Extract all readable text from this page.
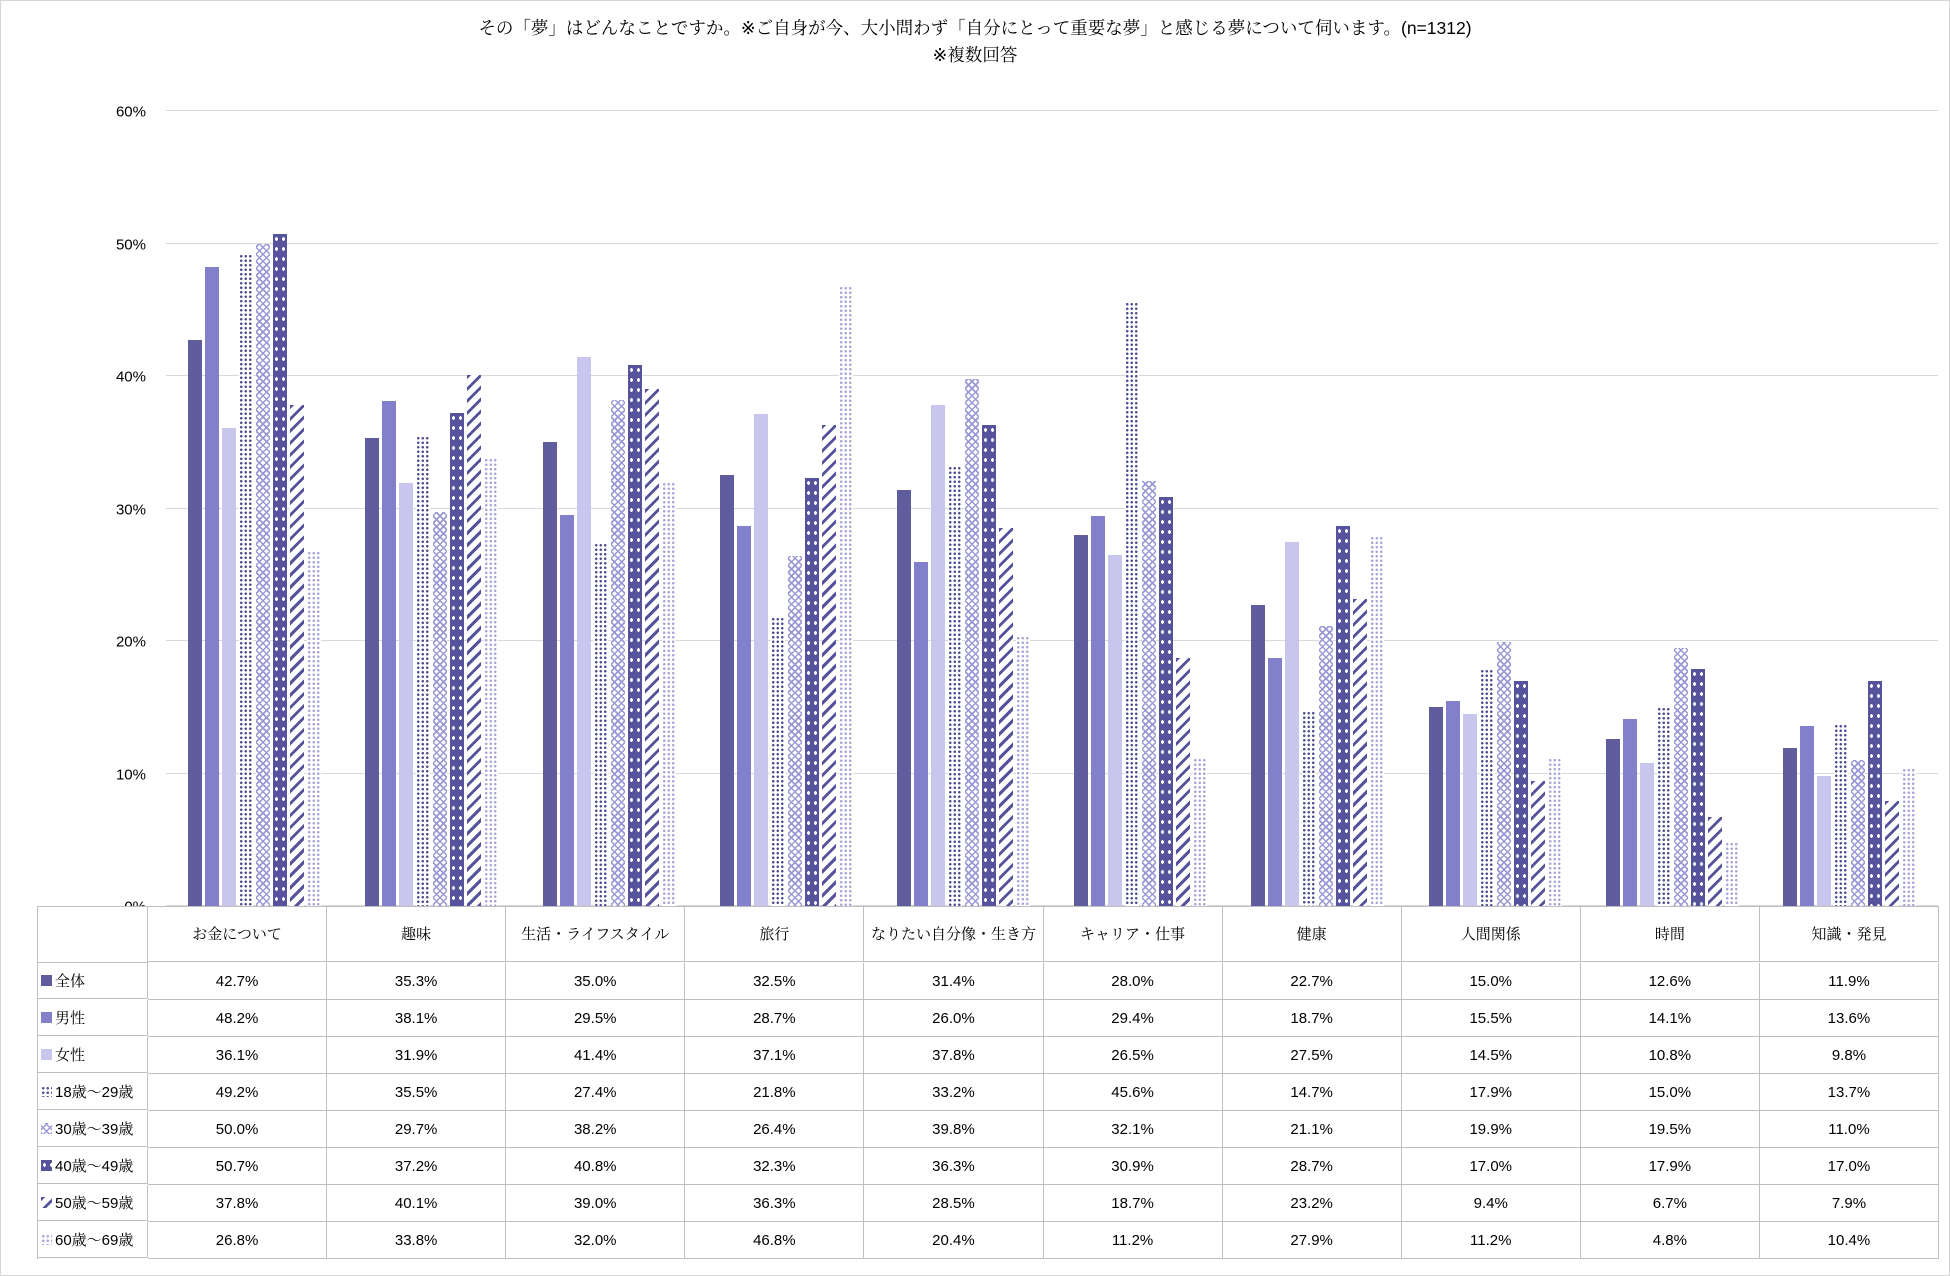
その「夢」はどんなことですか。※ご自身が今、大小問わず「自分にとって重要な夢」と感じる夢について伺います。(n=1312)
※複数回答
10%
20%
30%
40%
50%
60%
お金について	趣味	生活・ライフスタイル	旅行	なりたい自分像・生き方	キャリア・仕事	健康	人間関係	時間	知識・発見
全体	42.7%	35.3%	35.0%	32.5%	31.4%	28.0%	22.7%	15.0%	12.6%	11.9%
男性	48.2%	38.1%	29.5%	28.7%	26.0%	29.4%	18.7%	15.5%	14.1%	13.6%
女性	36.1%	31.9%	41.4%	37.1%	37.8%	26.5%	27.5%	14.5%	10.8%	9.8%
18歳〜29歳	49.2%	35.5%	27.4%	21.8%	33.2%	45.6%	14.7%	17.9%	15.0%	13.7%
30歳〜39歳	50.0%	29.7%	38.2%	26.4%	39.8%	32.1%	21.1%	19.9%	19.5%	11.0%
40歳〜49歳	50.7%	37.2%	40.8%	32.3%	36.3%	30.9%	28.7%	17.0%	17.9%	17.0%
50歳〜59歳	37.8%	40.1%	39.0%	36.3%	28.5%	18.7%	23.2%	9.4%	6.7%	7.9%
60歳〜69歳	26.8%	33.8%	32.0%	46.8%	20.4%	11.2%	27.9%	11.2%	4.8%	10.4%
